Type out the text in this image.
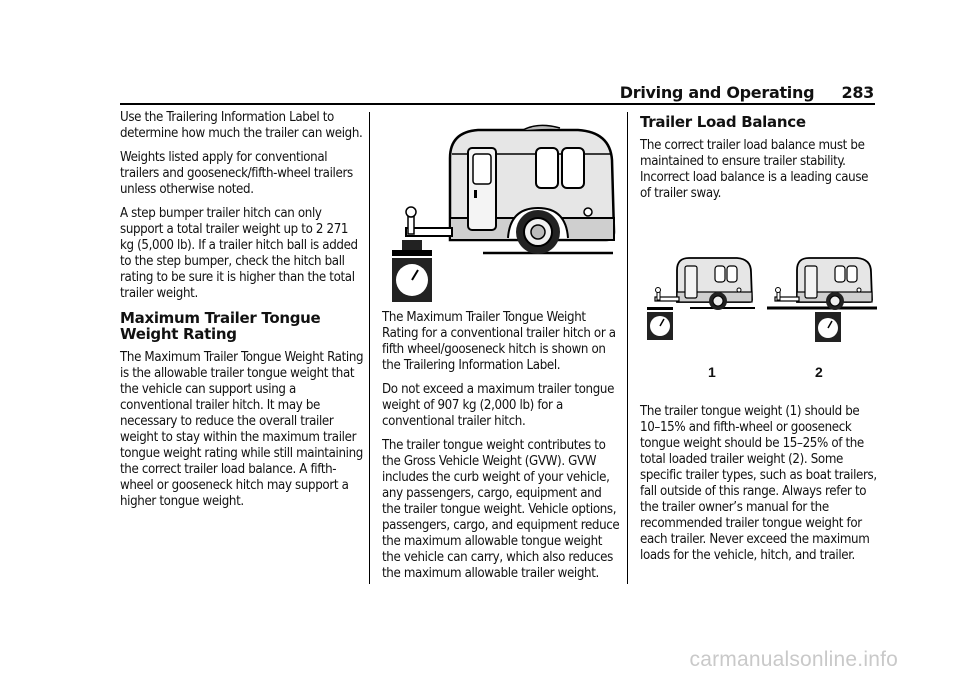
Driving and Operating 283

Use the Trailering Information Label to determine how much the trailer can weigh.

Weights listed apply for conventional trailers and gooseneck/fifth-wheel trailers unless otherwise noted.

A step bumper trailer hitch can only support a total trailer weight up to 2 271 kg (5,000 lb). If a trailer hitch ball is added to the step bumper, check the hitch ball rating to be sure it is higher than the total trailer weight.

Maximum Trailer Tongue Weight Rating

The Maximum Trailer Tongue Weight Rating is the allowable trailer tongue weight that the vehicle can support using a conventional trailer hitch. It may be necessary to reduce the overall trailer weight to stay within the maximum trailer tongue weight rating while still maintaining the correct trailer load balance. A fifth-wheel or gooseneck hitch may support a higher tongue weight.

The Maximum Trailer Tongue Weight Rating for a conventional trailer hitch or a fifth wheel/gooseneck hitch is shown on the Trailering Information Label.

Do not exceed a maximum trailer tongue weight of 907 kg (2,000 lb) for a conventional trailer hitch.

The trailer tongue weight contributes to the Gross Vehicle Weight (GVW). GVW includes the curb weight of your vehicle, any passengers, cargo, equipment and the trailer tongue weight. Vehicle options, passengers, cargo, and equipment reduce the maximum allowable tongue weight the vehicle can carry, which also reduces the maximum allowable trailer weight.

Trailer Load Balance

The correct trailer load balance must be maintained to ensure trailer stability. Incorrect load balance is a leading cause of trailer sway.

1	2

The trailer tongue weight (1) should be 10–15% and fifth-wheel or gooseneck tongue weight should be 15–25% of the total loaded trailer weight (2). Some specific trailer types, such as boat trailers, fall outside of this range. Always refer to the trailer owner’s manual for the recommended trailer tongue weight for each trailer. Never exceed the maximum loads for the vehicle, hitch, and trailer.

carmanualsonline.info
